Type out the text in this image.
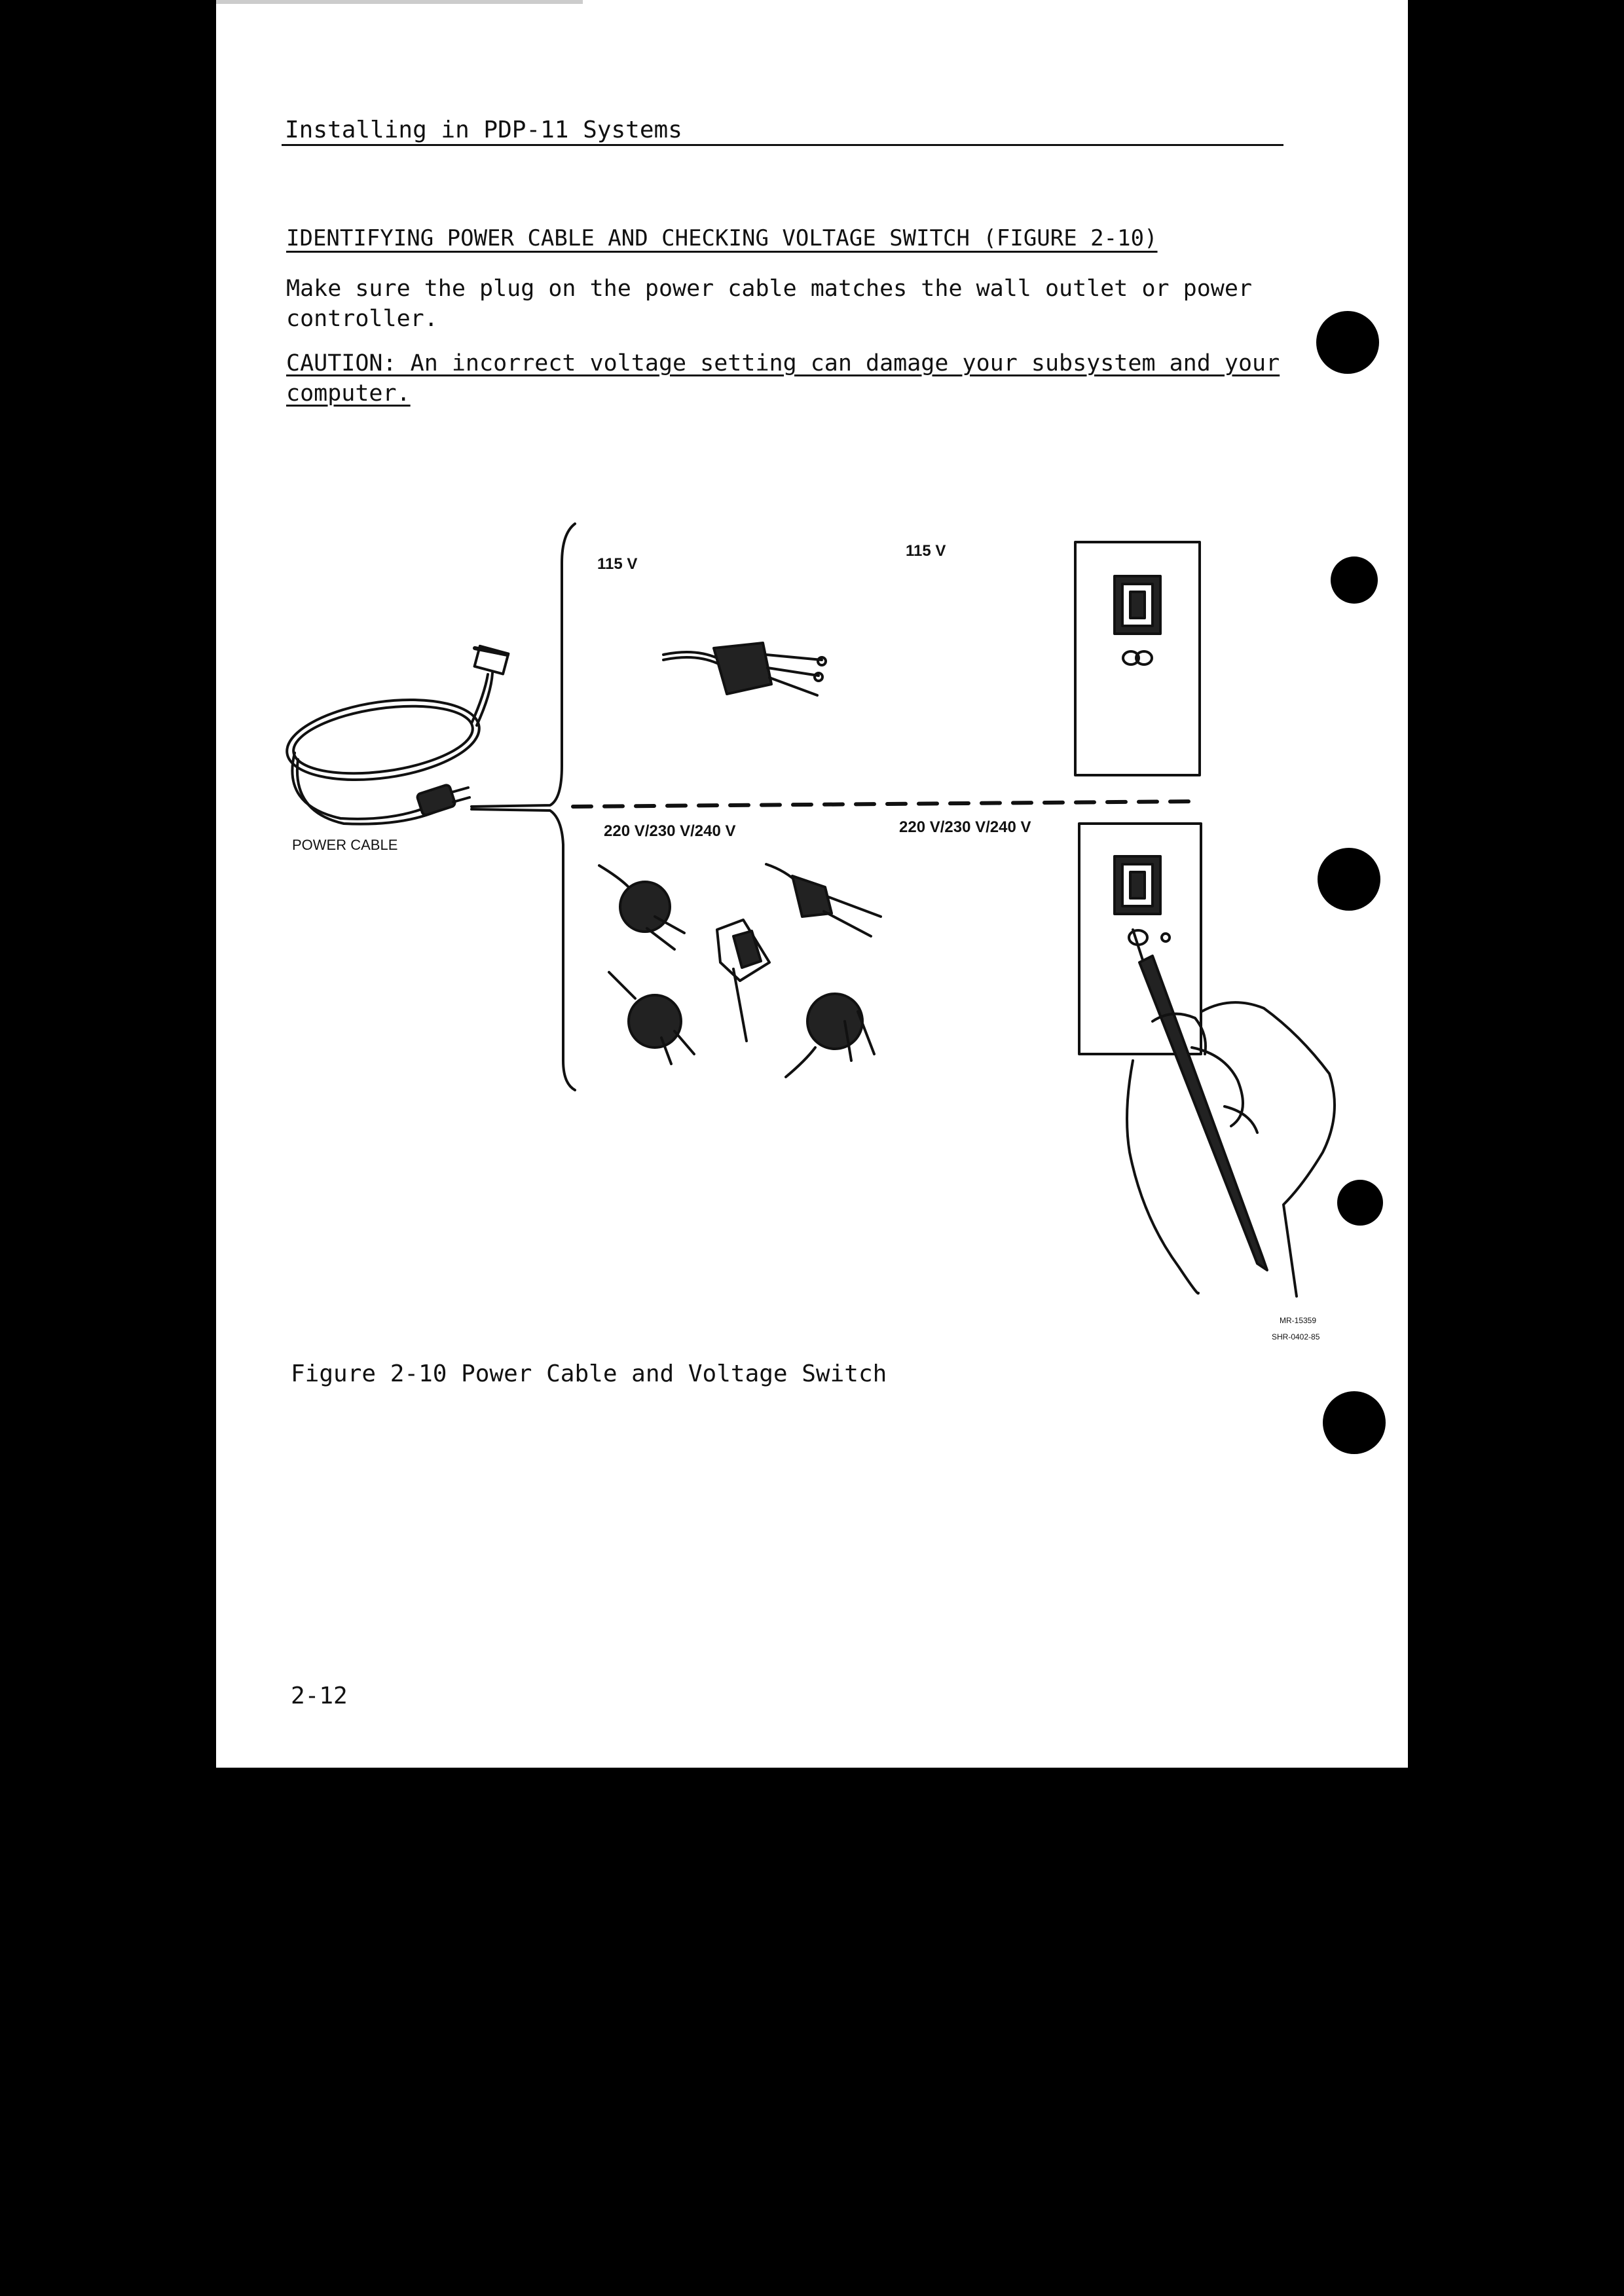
Installing in PDP-11 Systems
IDENTIFYING POWER CABLE AND CHECKING VOLTAGE SWITCH (FIGURE 2-10)
Make sure the plug on the power cable matches the wall outlet or power controller.
CAUTION: An incorrect voltage setting can damage your subsystem and your computer.
115 V
115 V
220 V/230 V/240 V	220 V/230 V/240 V
POWER CABLE
MR-15359
SHR-0402-85
Figure 2-10 Power Cable and Voltage Switch
2-12
